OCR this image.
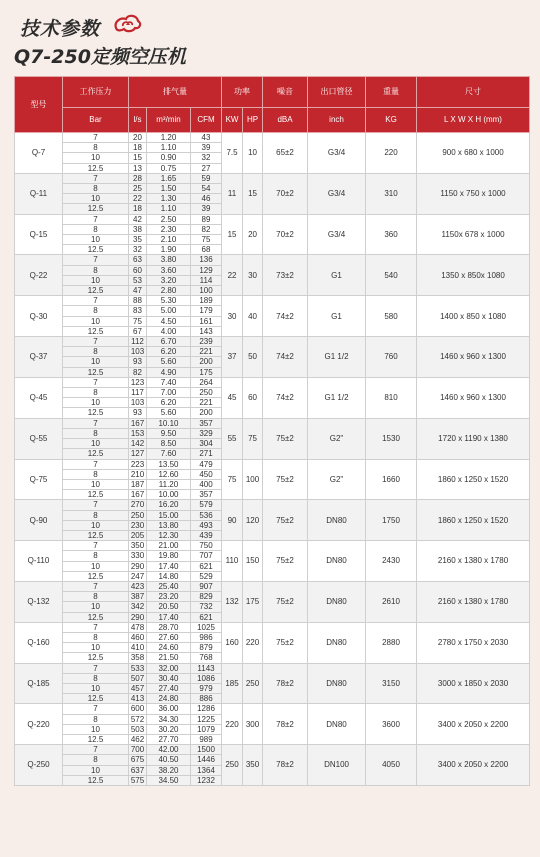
技术参数
Q7-250定频空压机
型号	工作压力	排气量			功率		噪音	出口管径	重量	尺寸
	Bar	l/s	m³/min	CFM	KW	HP	dBA	inch	KG	L X W X H (mm)
Q-7	7	20	1.20	43	7.5	10	65±2	G3/4	220	900 x 680 x 1000
	8	18	1.10	39						
	10	15	0.90	32						
	12.5	13	0.75	27						
Q-11	7	28	1.65	59	11	15	70±2	G3/4	310	1150 x 750 x 1000
	8	25	1.50	54						
	10	22	1.30	46						
	12.5	18	1.10	39						
Q-15	7	42	2.50	89	15	20	70±2	G3/4	360	1150x 678 x 1000
	8	38	2.30	82						
	10	35	2.10	75						
	12.5	32	1.90	68						
Q-22	7	63	3.80	136	22	30	73±2	G1	540	1350 x 850x 1080
	8	60	3.60	129						
	10	53	3.20	114						
	12.5	47	2.80	100						
Q-30	7	88	5.30	189	30	40	74±2	G1	580	1400 x 850 x 1080
	8	83	5.00	179						
	10	75	4.50	161						
	12.5	67	4.00	143						
Q-37	7	112	6.70	239	37	50	74±2	G1 1/2	760	1460 x 960 x 1300
	8	103	6.20	221						
	10	93	5.60	200						
	12.5	82	4.90	175						
Q-45	7	123	7.40	264	45	60	74±2	G1 1/2	810	1460 x 960 x 1300
	8	117	7.00	250						
	10	103	6.20	221						
	12.5	93	5.60	200						
Q-55	7	167	10.10	357	55	75	75±2	G2"	1530	1720 x 1190 x 1380
	8	153	9.50	329						
	10	142	8.50	304						
	12.5	127	7.60	271						
Q-75	7	223	13.50	479	75	100	75±2	G2"	1660	1860 x 1250 x 1520
	8	210	12.60	450						
	10	187	11.20	400						
	12.5	167	10.00	357						
Q-90	7	270	16.20	579	90	120	75±2	DN80	1750	1860 x 1250 x 1520
	8	250	15.00	536						
	10	230	13.80	493						
	12.5	205	12.30	439						
Q-110	7	350	21.00	750	110	150	75±2	DN80	2430	2160 x 1380 x 1780
	8	330	19.80	707						
	10	290	17.40	621						
	12.5	247	14.80	529						
Q-132	7	423	25.40	907	132	175	75±2	DN80	2610	2160 x 1380 x 1780
	8	387	23.20	829						
	10	342	20.50	732						
	12.5	290	17.40	621						
Q-160	7	478	28.70	1025	160	220	75±2	DN80	2880	2780 x 1750 x 2030
	8	460	27.60	986						
	10	410	24.60	879						
	12.5	358	21.50	768						
Q-185	7	533	32.00	1143	185	250	78±2	DN80	3150	3000 x 1850 x 2030
	8	507	30.40	1086						
	10	457	27.40	979						
	12.5	413	24.80	886						
Q-220	7	600	36.00	1286	220	300	78±2	DN80	3600	3400 x 2050 x 2200
	8	572	34.30	1225						
	10	503	30.20	1079						
	12.5	462	27.70	989						
Q-250	7	700	42.00	1500	250	350	78±2	DN100	4050	3400 x 2050 x 2200
	8	675	40.50	1446						
	10	637	38.20	1364						
	12.5	575	34.50	1232						
